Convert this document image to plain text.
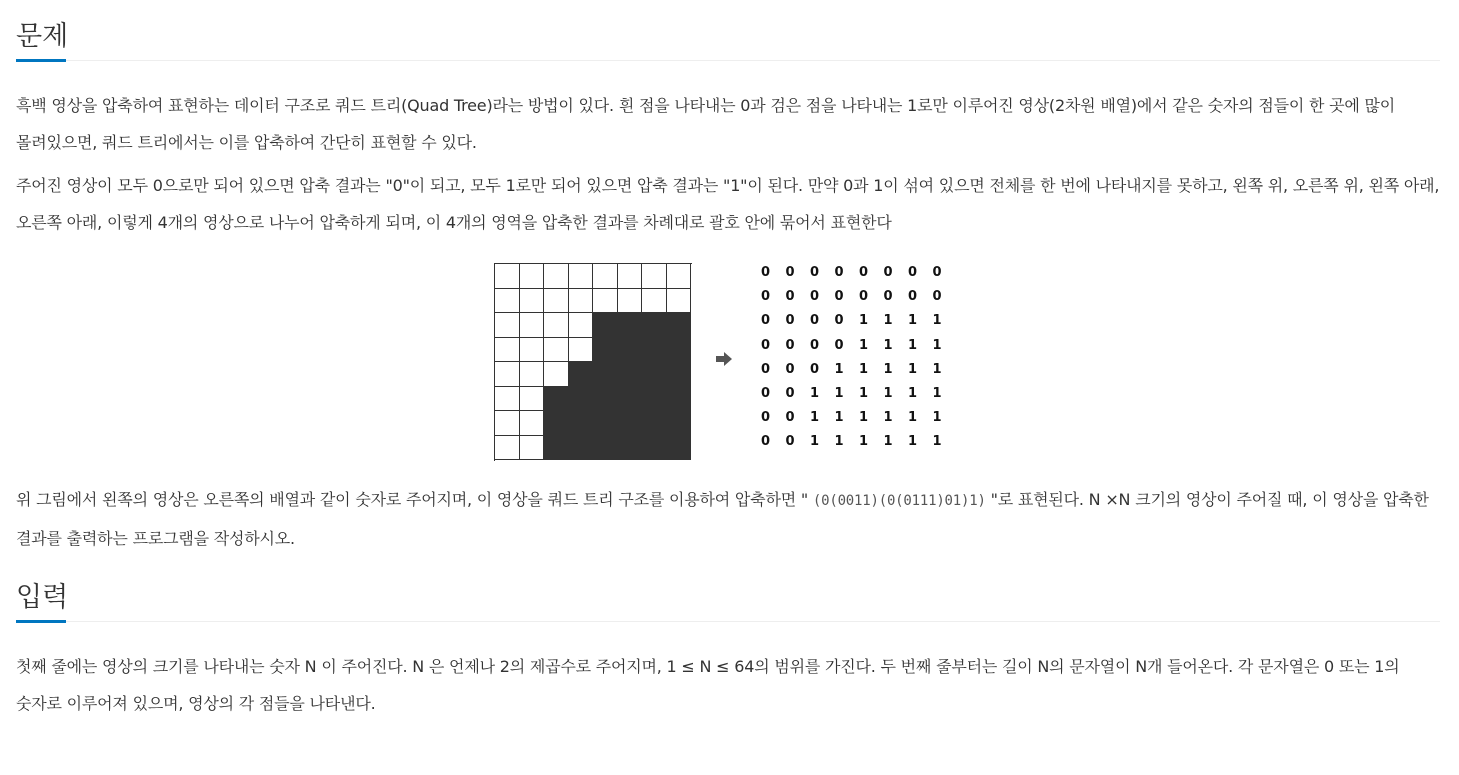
문제

흑백 영상을 압축하여 표현하는 데이터 구조로 쿼드 트리(Quad Tree)라는 방법이 있다. 흰 점을 나타내는 0과 검은 점을 나타내는 1로만 이루어진 영상(2차원 배열)에서 같은 숫자의 점들이 한 곳에 많이 몰려있으면, 쿼드 트리에서는 이를 압축하여 간단히 표현할 수 있다.

주어진 영상이 모두 0으로만 되어 있으면 압축 결과는 "0"이 되고, 모두 1로만 되어 있으면 압축 결과는 "1"이 된다. 만약 0과 1이 섞여 있으면 전체를 한 번에 나타내지를 못하고, 왼쪽 위, 오른쪽 위, 왼쪽 아래, 오른쪽 아래, 이렇게 4개의 영상으로 나누어 압축하게 되며, 이 4개의 영역을 압축한 결과를 차례대로 괄호 안에 묶어서 표현한다

0 0 0 0 0 0 0 0
0 0 0 0 0 0 0 0
0 0 0 0 1 1 1 1
0 0 0 0 1 1 1 1
0 0 0 1 1 1 1 1
0 0 1 1 1 1 1 1
0 0 1 1 1 1 1 1
0 0 1 1 1 1 1 1

위 그림에서 왼쪽의 영상은 오른쪽의 배열과 같이 숫자로 주어지며, 이 영상을 쿼드 트리 구조를 이용하여 압축하면 " (0(0011)(0(0111)01)1) "로 표현된다. N ×N 크기의 영상이 주어질 때, 이 영상을 압축한 결과를 출력하는 프로그램을 작성하시오.

입력

첫째 줄에는 영상의 크기를 나타내는 숫자 N 이 주어진다. N 은 언제나 2의 제곱수로 주어지며, 1 ≤ N ≤ 64의 범위를 가진다. 두 번째 줄부터는 길이 N의 문자열이 N개 들어온다. 각 문자열은 0 또는 1의 숫자로 이루어져 있으며, 영상의 각 점들을 나타낸다.
